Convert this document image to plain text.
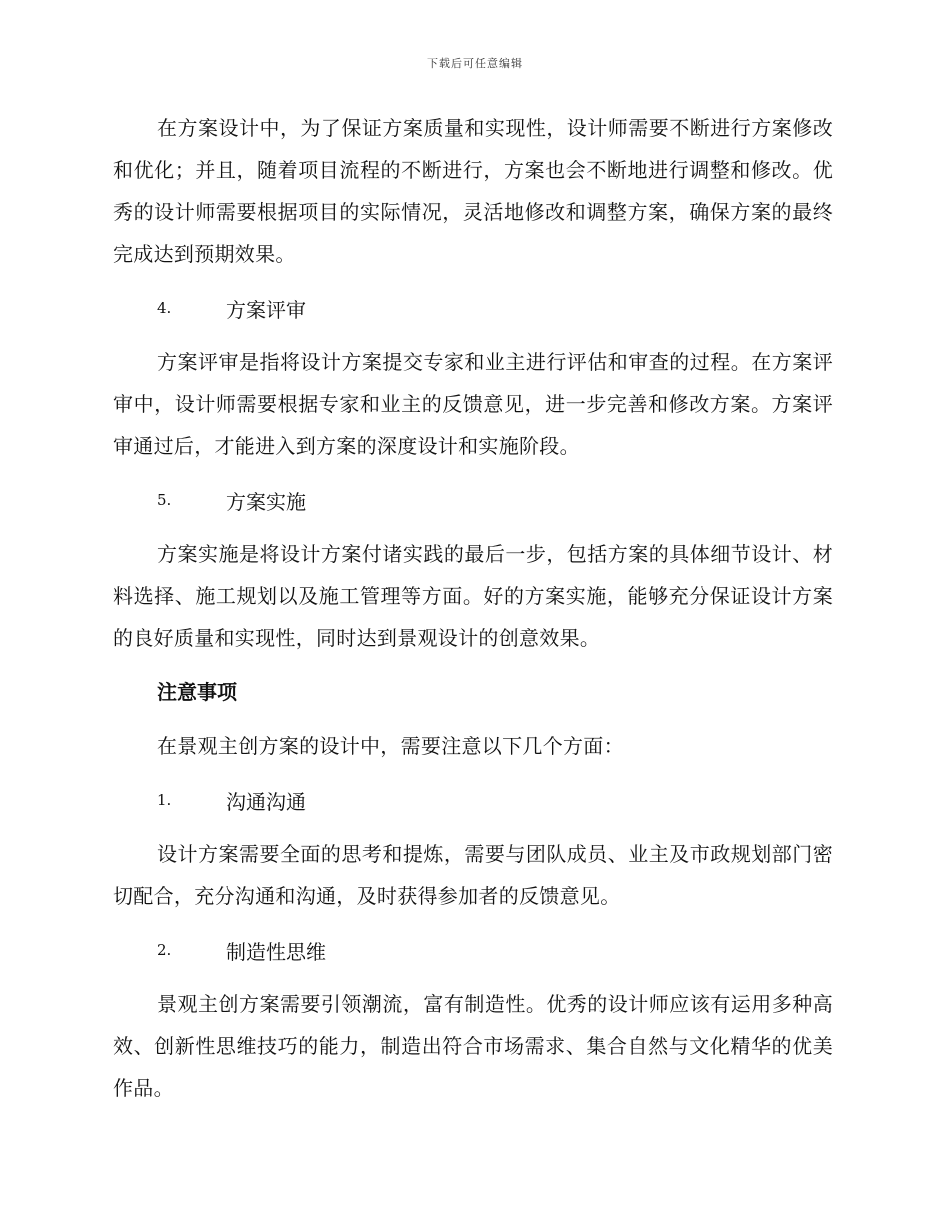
下载后可任意编辑

在方案设计中，为了保证方案质量和实现性，设计师需要不断进行方案修改和优化；并且，随着项目流程的不断进行，方案也会不断地进行调整和修改。优秀的设计师需要根据项目的实际情况，灵活地修改和调整方案，确保方案的最终完成达到预期效果。

4.	方案评审

方案评审是指将设计方案提交专家和业主进行评估和审查的过程。在方案评审中，设计师需要根据专家和业主的反馈意见，进一步完善和修改方案。方案评审通过后，才能进入到方案的深度设计和实施阶段。

5.	方案实施

方案实施是将设计方案付诸实践的最后一步，包括方案的具体细节设计、材料选择、施工规划以及施工管理等方面。好的方案实施，能够充分保证设计方案的良好质量和实现性，同时达到景观设计的创意效果。

注意事项

在景观主创方案的设计中，需要注意以下几个方面：

1.	沟通沟通

设计方案需要全面的思考和提炼，需要与团队成员、业主及市政规划部门密切配合，充分沟通和沟通，及时获得参加者的反馈意见。

2.	制造性思维

景观主创方案需要引领潮流，富有制造性。优秀的设计师应该有运用多种高效、创新性思维技巧的能力，制造出符合市场需求、集合自然与文化精华的优美作品。
